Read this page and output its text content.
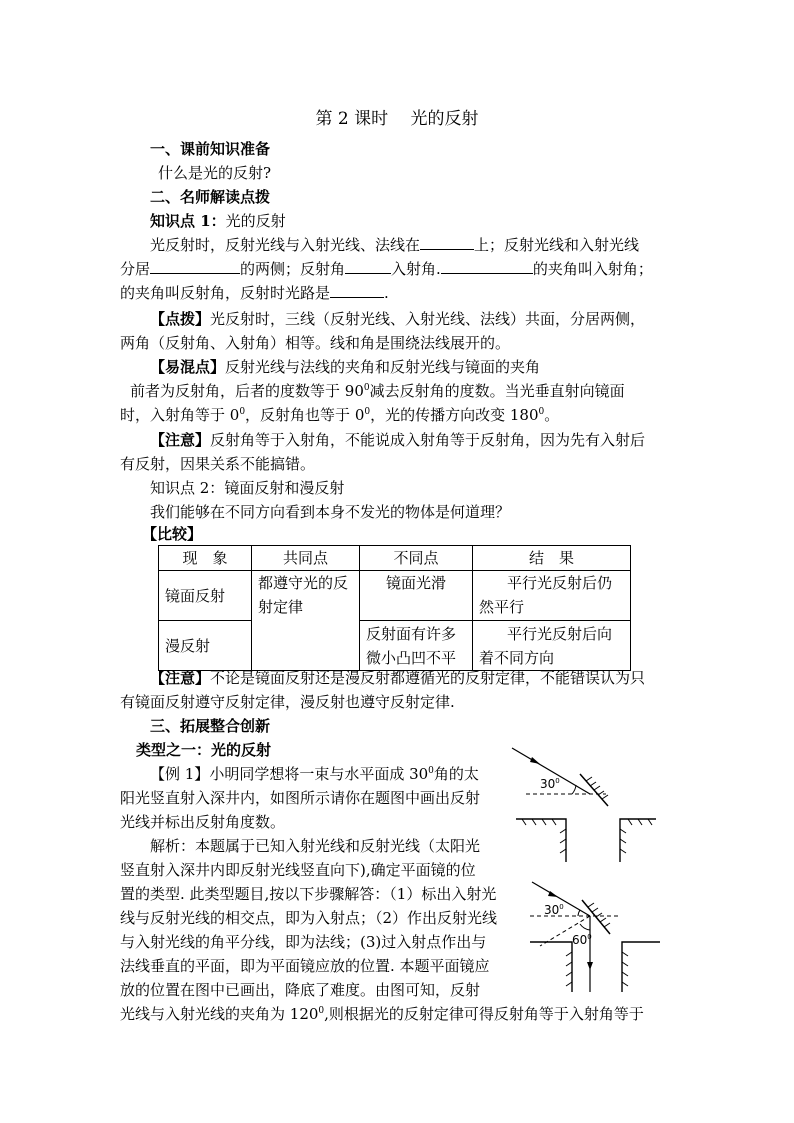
第 2 课时　 光的反射
一、课前知识准备
什么是光的反射?
二、名师解读点拨
知识点 1：光的反射
光反射时，反射光线与入射光线、法线在	上；反射光线和入射光线
分居	的两侧；反射角	入射角.	的夹角叫入射角；
的夹角叫反射角，反射时光路是	.
【点拨】光反射时，三线（反射光线、入射光线、法线）共面，分居两侧，
两角（反射角、入射角）相等。线和角是围绕法线展开的。
【易混点】反射光线与法线的夹角和反射光线与镜面的夹角
前者为反射角，后者的度数等于 $90^0$减去反射角的度数。当光垂直射向镜面
时，入射角等于 $0^0$，反射角也等于 $0^0$，光的传播方向改变 $180^0$。
【注意】反射角等于入射角，不能说成入射角等于反射角，因为先有入射后
有反射，因果关系不能搞错。
知识点 2：镜面反射和漫反射
我们能够在不同方向看到本身不发光的物体是何道理？
【比较】
现　象	共同点	不同点	结　果
镜面反射	都遵守光的反射定律	镜面光滑	平行光反射后仍然平行
漫反射		反射面有许多微小凸凹不平	平行光反射后向着不同方向
【注意】不论是镜面反射还是漫反射都遵循光的反射定律，不能错误认为只
有镜面反射遵守反射定律，漫反射也遵守反射定律.
三、拓展整合创新
类型之一：光的反射
【例 1】小明同学想将一束与水平面成 $30^0$角的太
阳光竖直射入深井内，如图所示请你在题图中画出反射
光线并标出反射角度数。
解析：本题属于已知入射光线和反射光线（太阳光
竖直射入深井内即反射光线竖直向下),确定平面镜的位
置的类型. 此类型题目,按以下步骤解答：（1）标出入射光
线与反射光线的相交点，即为入射点；（2）作出反射光线
与入射光线的角平分线，即为法线；(3)过入射点作出与
法线垂直的平面，即为平面镜应放的位置. 本题平面镜应
放的位置在图中已画出，降底了难度。由图可知，反射
光线与入射光线的夹角为 $120^0$,则根据光的反射定律可得反射角等于入射角等于
$30^0$
$30^0$
$60^0$
